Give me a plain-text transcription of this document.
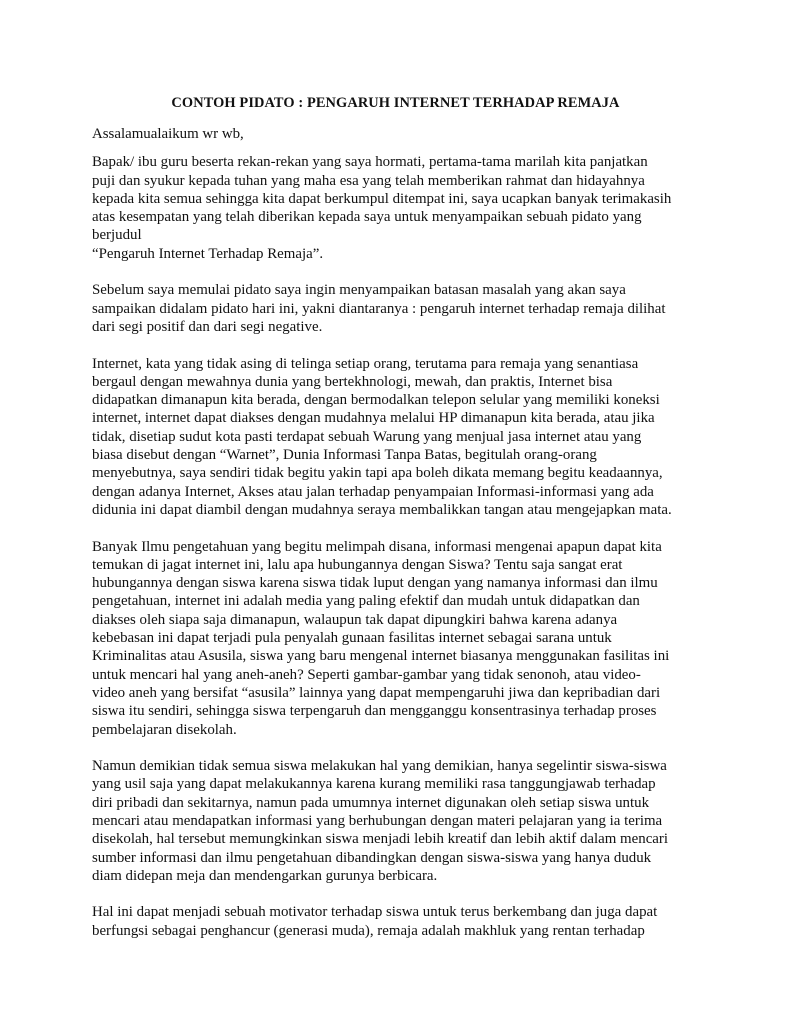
CONTOH PIDATO : PENGARUH INTERNET TERHADAP REMAJA
Assalamualaikum wr wb,
Bapak/ ibu guru beserta rekan-rekan yang saya hormati, pertama-tama marilah kita panjatkan
puji dan syukur kepada tuhan yang maha esa yang telah memberikan rahmat dan hidayahnya
kepada kita semua sehingga kita dapat berkumpul ditempat ini, saya ucapkan banyak terimakasih
atas kesempatan yang telah diberikan kepada saya untuk menyampaikan sebuah pidato yang
berjudul
“Pengaruh Internet Terhadap Remaja”.
Sebelum saya memulai pidato saya ingin menyampaikan batasan masalah yang akan saya
sampaikan didalam pidato hari ini, yakni diantaranya : pengaruh internet terhadap remaja dilihat
dari segi positif dan dari segi negative.
Internet, kata yang tidak asing di telinga setiap orang, terutama para remaja yang senantiasa
bergaul dengan mewahnya dunia yang bertekhnologi, mewah, dan praktis, Internet bisa
didapatkan dimanapun kita berada, dengan bermodalkan telepon selular yang memiliki koneksi
internet, internet dapat diakses dengan mudahnya melalui HP dimanapun kita berada, atau jika
tidak, disetiap sudut kota pasti terdapat sebuah Warung yang menjual jasa internet atau yang
biasa disebut dengan “Warnet”, Dunia Informasi Tanpa Batas, begitulah orang-orang
menyebutnya, saya sendiri tidak begitu yakin tapi apa boleh dikata memang begitu keadaannya,
dengan adanya Internet, Akses atau jalan terhadap penyampaian Informasi-informasi yang ada
didunia ini dapat diambil dengan mudahnya seraya membalikkan tangan atau mengejapkan mata.
Banyak Ilmu pengetahuan yang begitu melimpah disana, informasi mengenai apapun dapat kita
temukan di jagat internet ini, lalu apa hubungannya dengan Siswa? Tentu saja sangat erat
hubungannya dengan siswa karena siswa tidak luput dengan yang namanya informasi dan ilmu
pengetahuan, internet ini adalah media yang paling efektif dan mudah untuk didapatkan dan
diakses oleh siapa saja dimanapun, walaupun tak dapat dipungkiri bahwa karena adanya
kebebasan ini dapat terjadi pula penyalah gunaan fasilitas internet sebagai sarana untuk
Kriminalitas atau Asusila, siswa yang baru mengenal internet biasanya menggunakan fasilitas ini
untuk mencari hal yang aneh-aneh? Seperti gambar-gambar yang tidak senonoh, atau video-
video aneh yang bersifat “asusila” lainnya yang dapat mempengaruhi jiwa dan kepribadian dari
siswa itu sendiri, sehingga siswa terpengaruh dan mengganggu konsentrasinya terhadap proses
pembelajaran disekolah.
Namun demikian tidak semua siswa melakukan hal yang demikian, hanya segelintir siswa-siswa
yang usil saja yang dapat melakukannya karena kurang memiliki rasa tanggungjawab terhadap
diri pribadi dan sekitarnya, namun pada umumnya internet digunakan oleh setiap siswa untuk
mencari atau mendapatkan informasi yang berhubungan dengan materi pelajaran yang ia terima
disekolah, hal tersebut memungkinkan siswa menjadi lebih kreatif dan lebih aktif dalam mencari
sumber informasi dan ilmu pengetahuan dibandingkan dengan siswa-siswa yang hanya duduk
diam didepan meja dan mendengarkan gurunya berbicara.
Hal ini dapat menjadi sebuah motivator terhadap siswa untuk terus berkembang dan juga dapat
berfungsi sebagai penghancur (generasi muda), remaja adalah makhluk yang rentan terhadap
